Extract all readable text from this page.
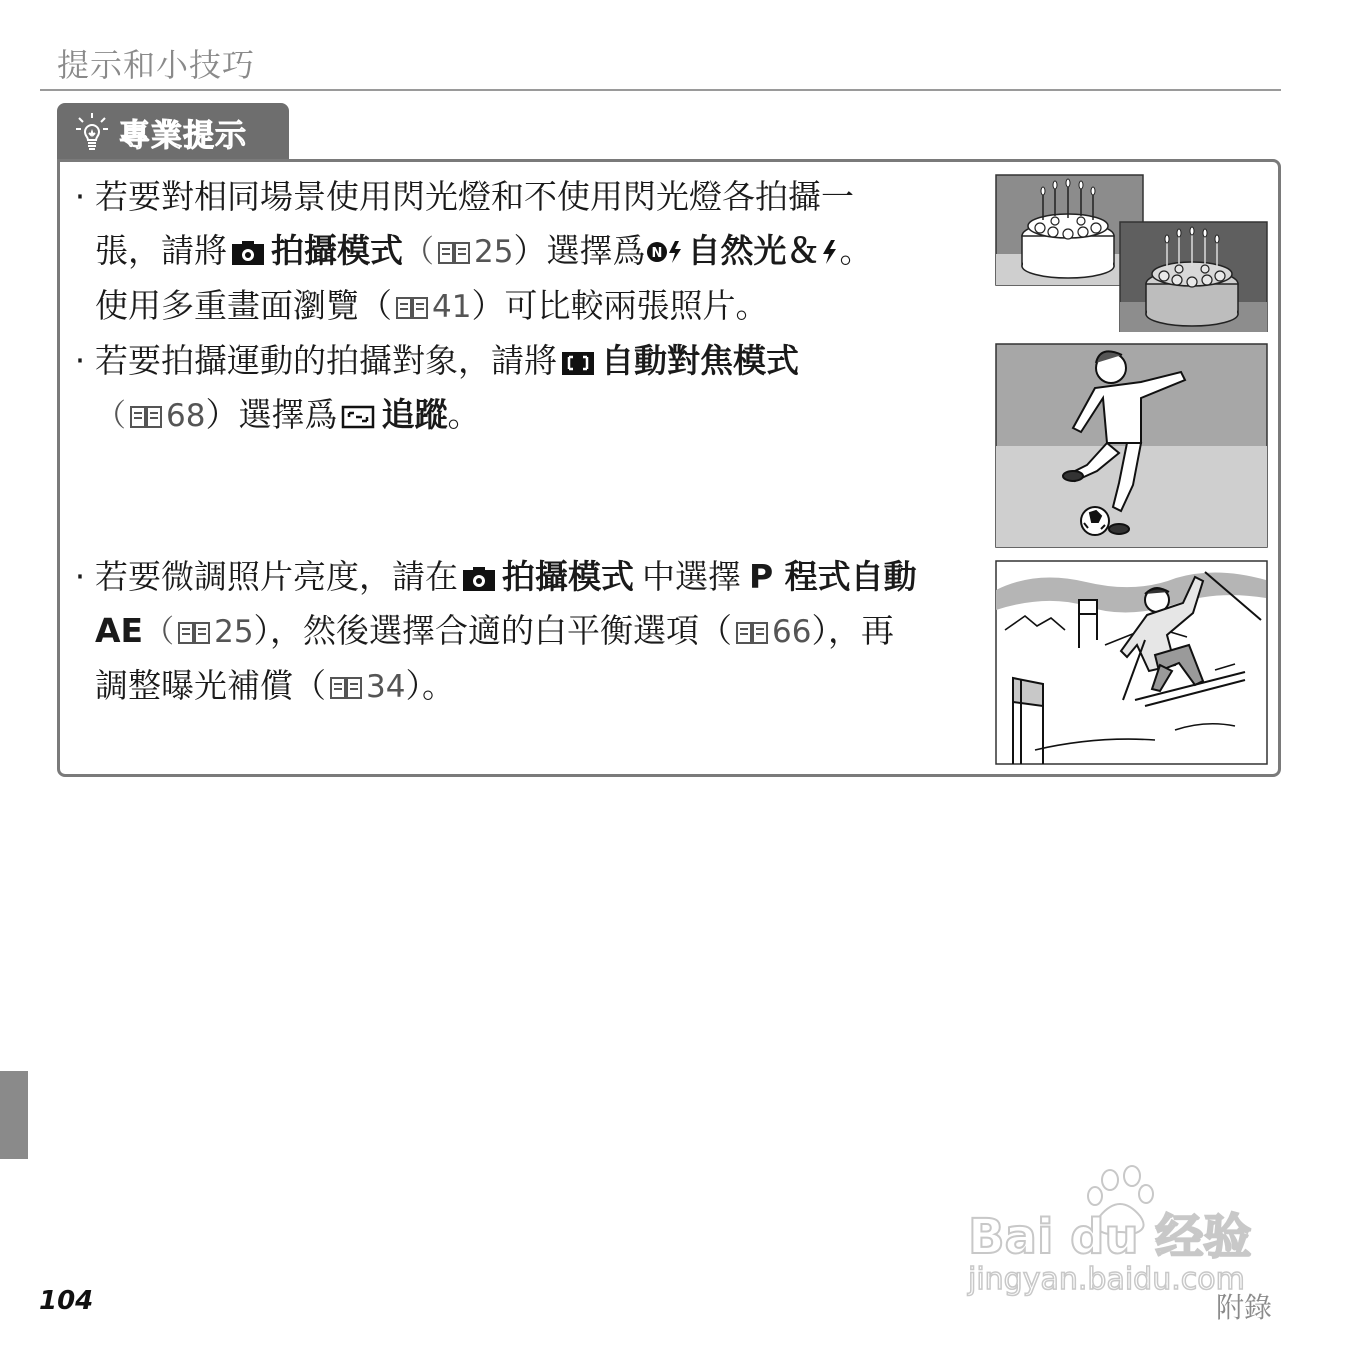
提示和小技巧
專業提示
· 若要對相同場景使用閃光燈和不使用閃光燈各拍攝一
張，請將 拍攝模式（ 25）選擇爲 N 自然光＆ 。
使用多重畫面瀏覽（ 41）可比較兩張照片。
· 若要拍攝運動的拍攝對象，請將 自動對焦模式
（ 68）選擇爲 追蹤。
· 若要微調照片亮度，請在 拍攝模式 中選擇 P 程式自動
AE（ 25），然後選擇合適的白平衡選項（ 66），再
調整曝光補償（ 34）。
Bai du 经验
jingyan.baidu.com
104	附錄
